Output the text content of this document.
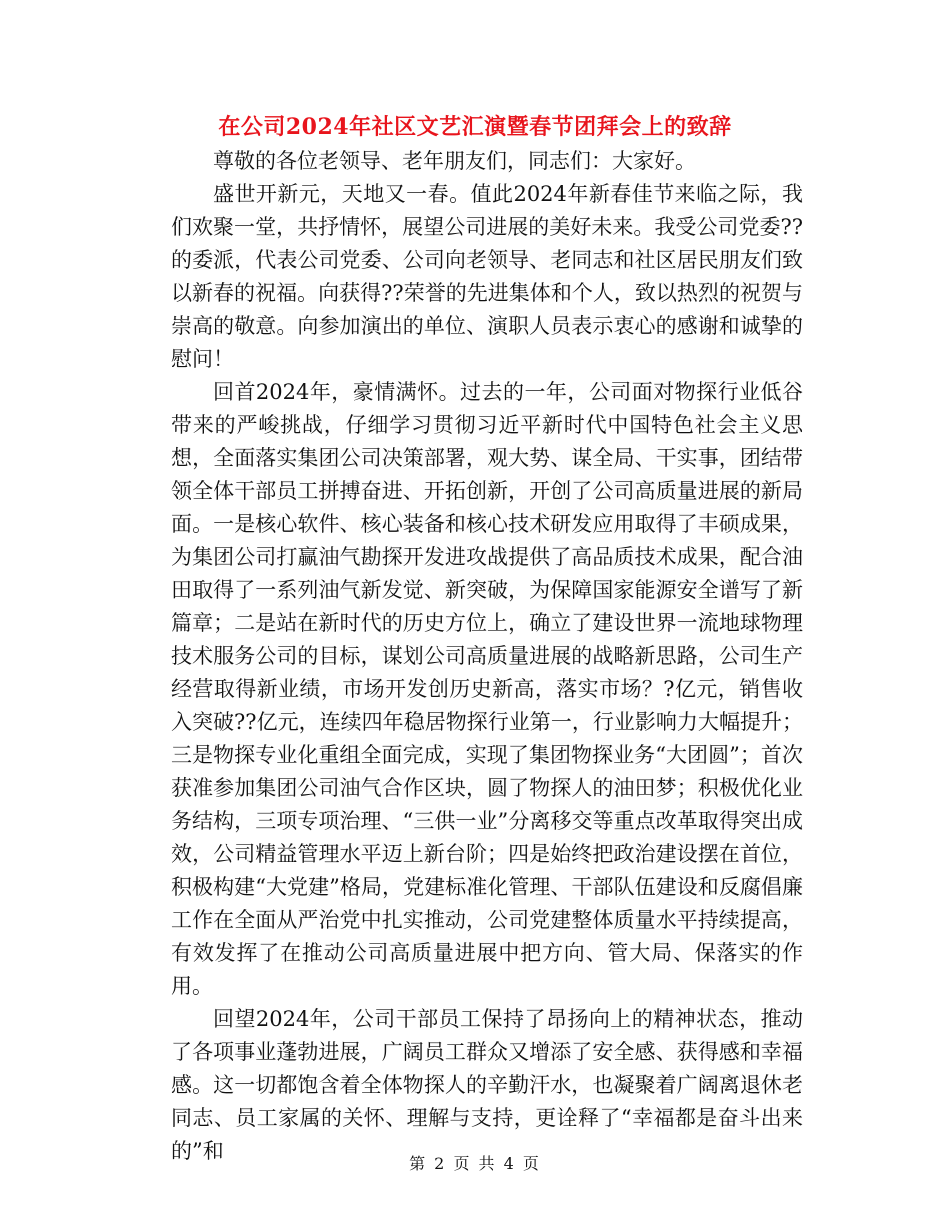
在公司2024年社区文艺汇演暨春节团拜会上的致辞

尊敬的各位老领导、老年朋友们，同志们：大家好。

盛世开新元，天地又一春。值此2024年新春佳节来临之际，我们欢聚一堂，共抒情怀，展望公司进展的美好未来。我受公司党委??的委派，代表公司党委、公司向老领导、老同志和社区居民朋友们致以新春的祝福。向获得??荣誉的先进集体和个人，致以热烈的祝贺与崇高的敬意。向参加演出的单位、演职人员表示衷心的感谢和诚挚的慰问！

回首2024年，豪情满怀。过去的一年，公司面对物探行业低谷带来的严峻挑战，仔细学习贯彻习近平新时代中国特色社会主义思想，全面落实集团公司决策部署，观大势、谋全局、干实事，团结带领全体干部员工拼搏奋进、开拓创新，开创了公司高质量进展的新局面。一是核心软件、核心装备和核心技术研发应用取得了丰硕成果，为集团公司打赢油气勘探开发进攻战提供了高品质技术成果，配合油田取得了一系列油气新发觉、新突破，为保障国家能源安全谱写了新篇章；二是站在新时代的历史方位上，确立了建设世界一流地球物理技术服务公司的目标，谋划公司高质量进展的战略新思路，公司生产经营取得新业绩，市场开发创历史新高，落实市场？?亿元，销售收入突破??亿元，连续四年稳居物探行业第一，行业影响力大幅提升；三是物探专业化重组全面完成，实现了集团物探业务“大团圆”；首次获准参加集团公司油气合作区块，圆了物探人的油田梦；积极优化业务结构，三项专项治理、“三供一业”分离移交等重点改革取得突出成效，公司精益管理水平迈上新台阶；四是始终把政治建设摆在首位，积极构建“大党建”格局，党建标准化管理、干部队伍建设和反腐倡廉工作在全面从严治党中扎实推动，公司党建整体质量水平持续提高，有效发挥了在推动公司高质量进展中把方向、管大局、保落实的作用。

回望2024年，公司干部员工保持了昂扬向上的精神状态，推动了各项事业蓬勃进展，广阔员工群众又增添了安全感、获得感和幸福感。这一切都饱含着全体物探人的辛勤汗水，也凝聚着广阔离退休老同志、员工家属的关怀、理解与支持，更诠释了“幸福都是奋斗出来的”和

第 2 页 共 4 页
